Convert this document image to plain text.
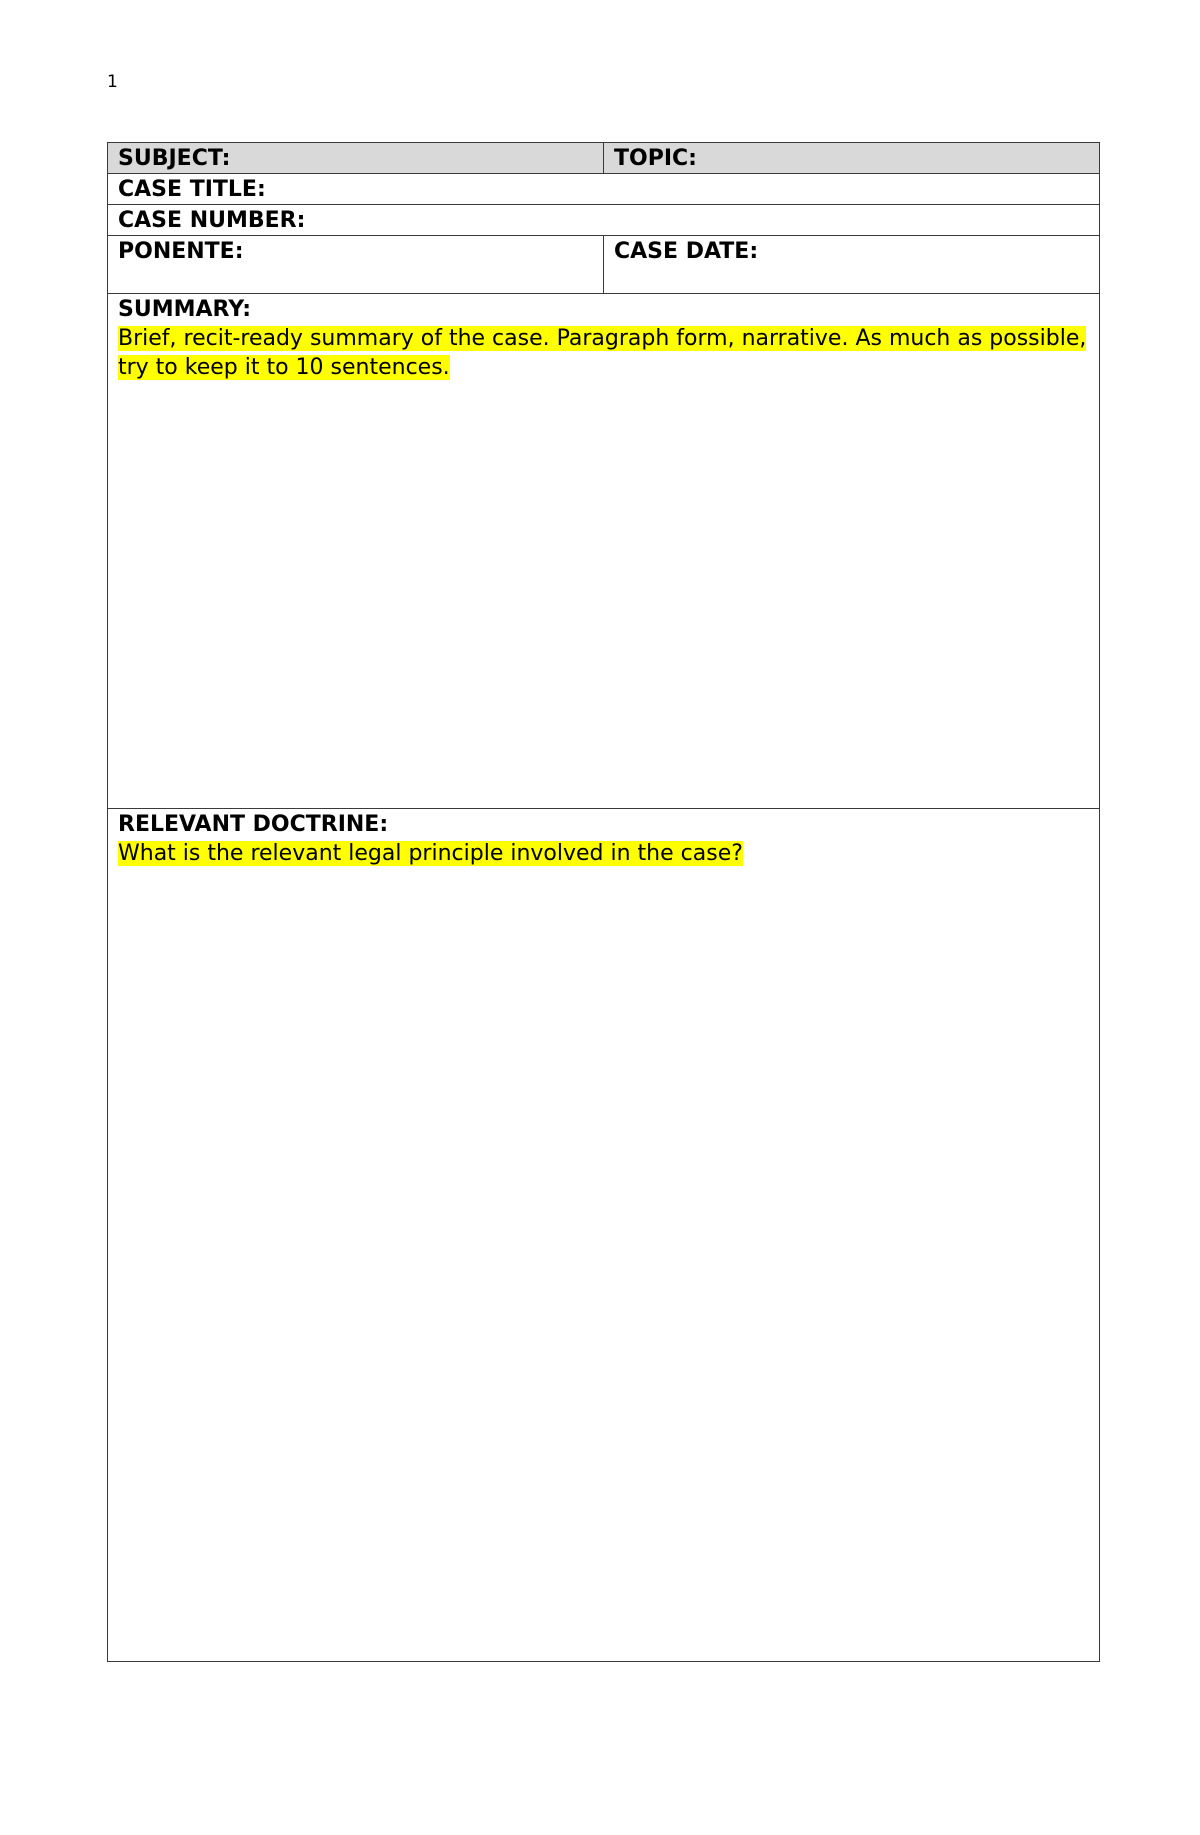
1
SUBJECT:	TOPIC:

CASE TITLE:	

CASE NUMBER:	

PONENTE:	CASE DATE:

SUMMARY:
Brief, recit-ready summary of the case. Paragraph form, narrative. As much as possible, try to keep it to 10 sentences.	

RELEVANT DOCTRINE:
What is the relevant legal principle involved in the case?	
